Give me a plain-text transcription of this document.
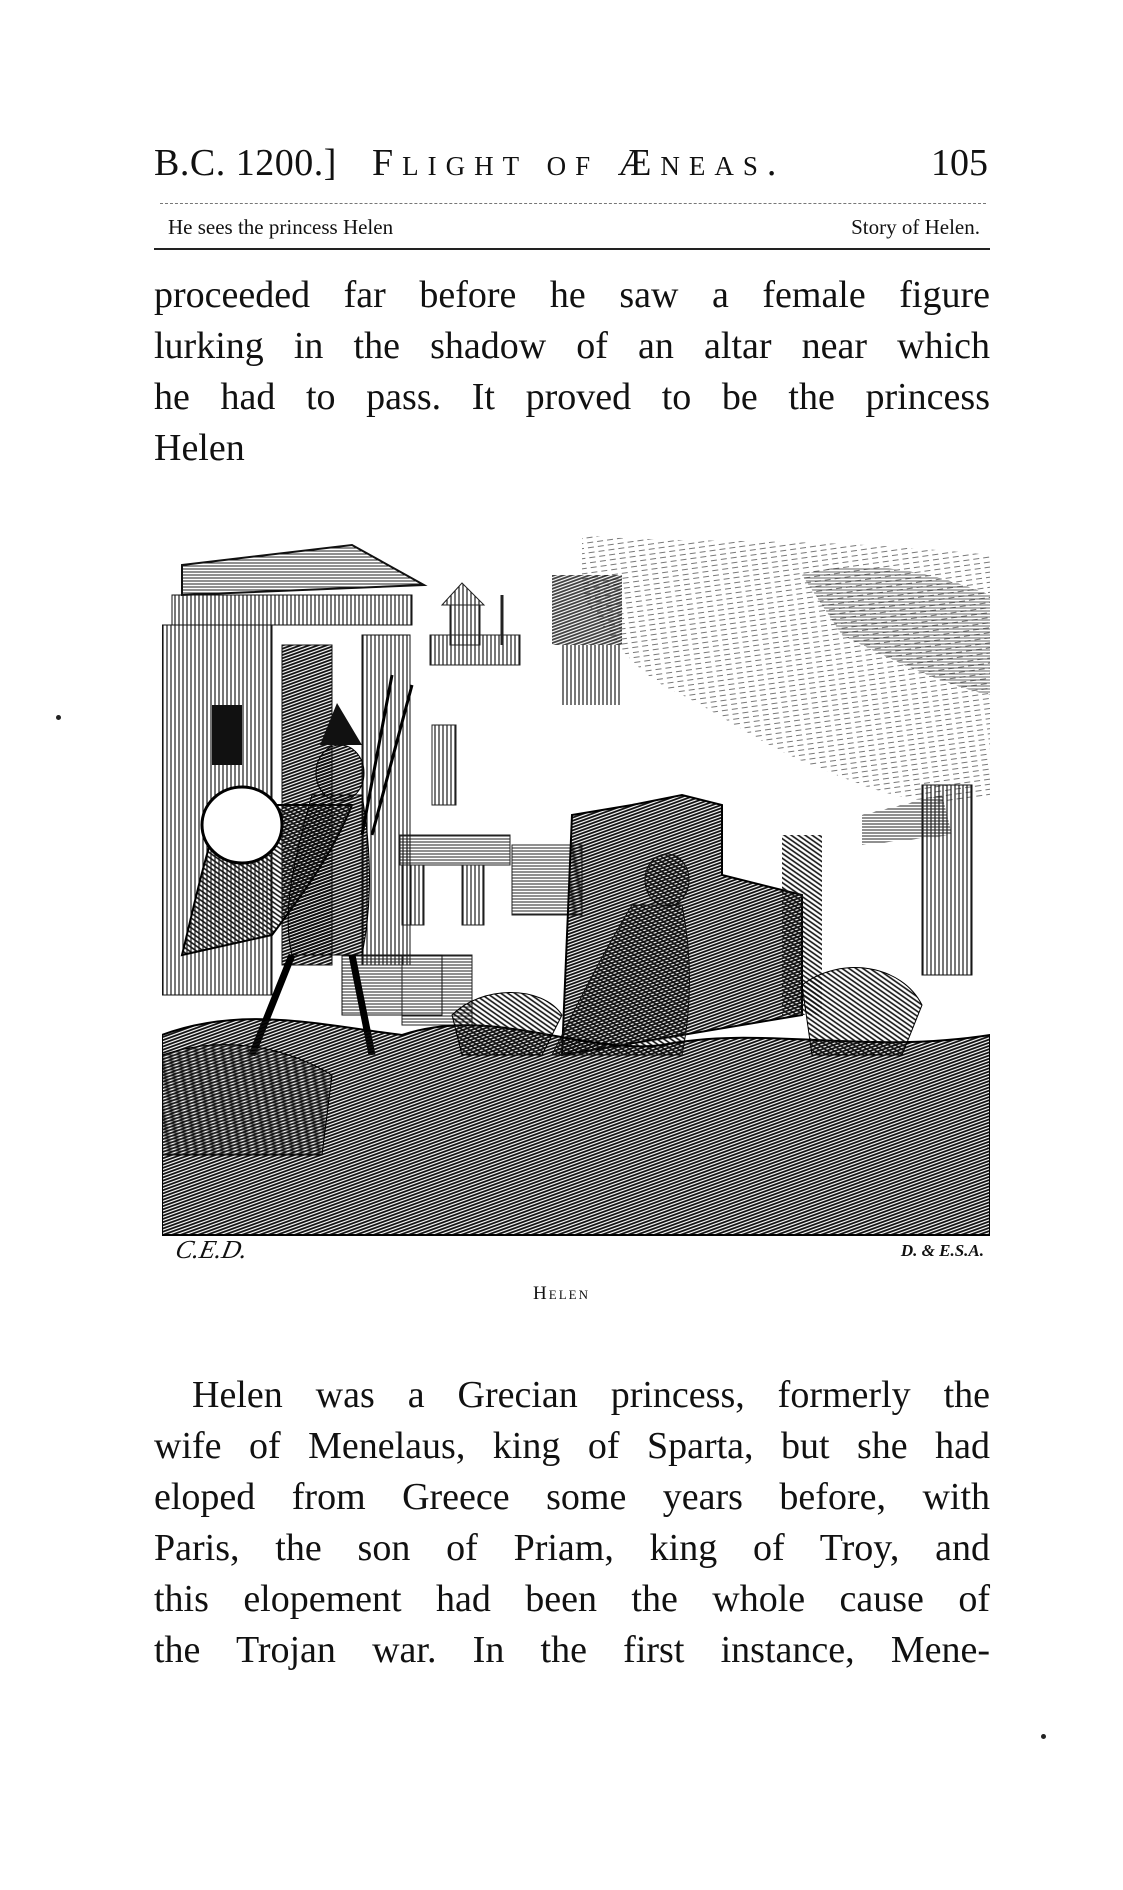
B.C. 1200.] Flight of Æneas.	105
He sees the princess Helen	Story of Helen.
proceeded far before he saw a female figure
lurking in the shadow of an altar near which
he had to pass. It proved to be the princess
Helen
C.E.D.	D. & E.S.A.
Helen
Helen was a Grecian princess, formerly the
wife of Menelaus, king of Sparta, but she had
eloped from Greece some years before, with
Paris, the son of Priam, king of Troy, and
this elopement had been the whole cause of
the Trojan war. In the first instance, Mene-
